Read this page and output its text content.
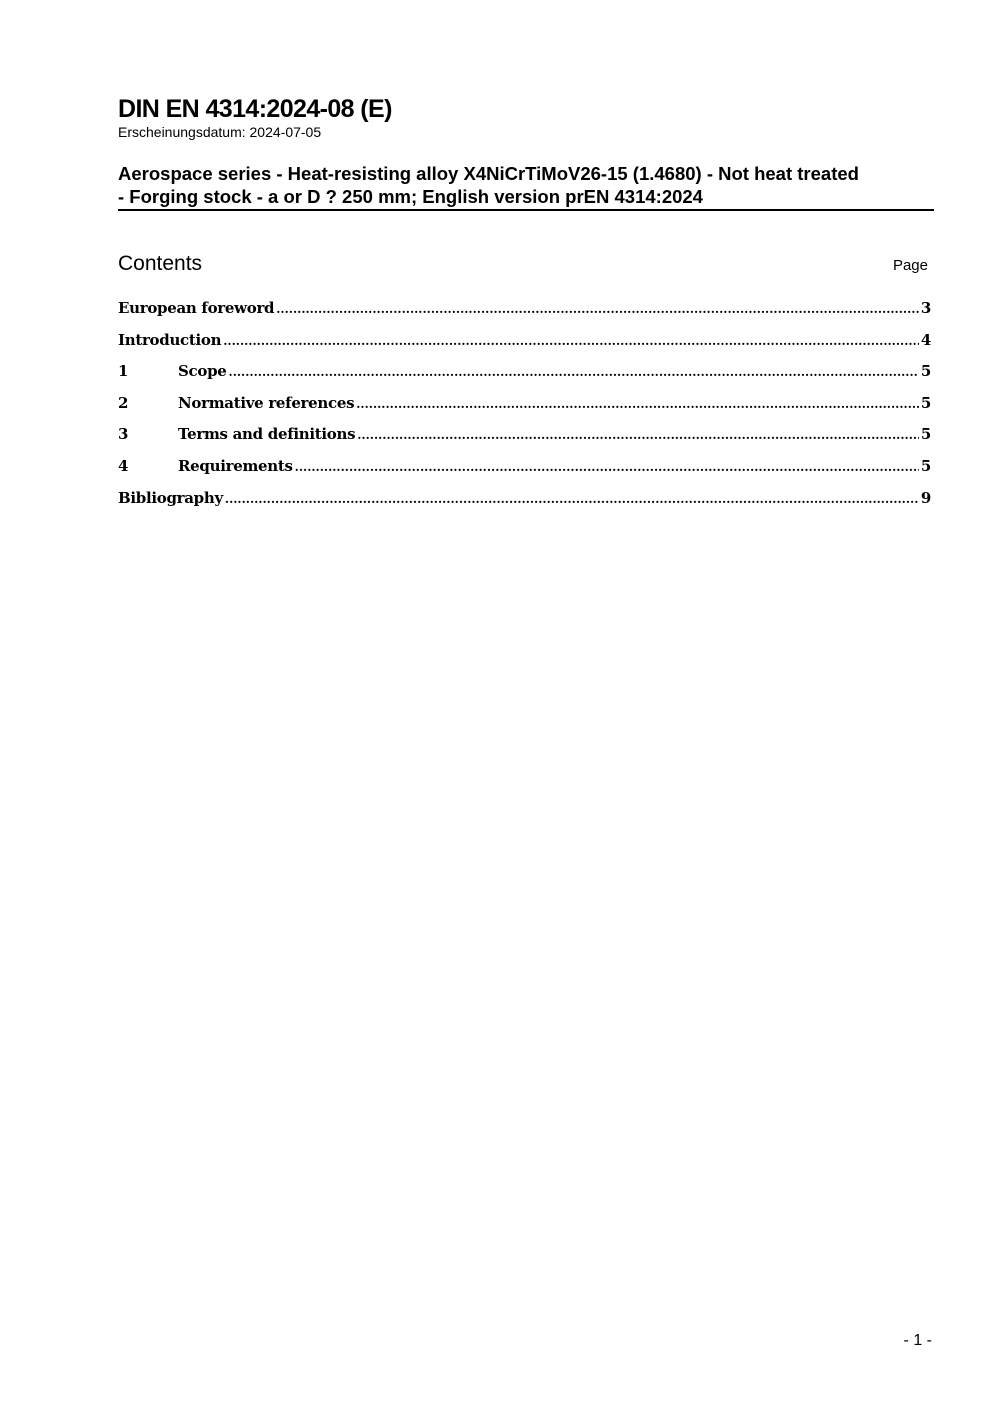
DIN EN 4314:2024-08 (E)
Erscheinungsdatum: 2024-07-05
Aerospace series - Heat-resisting alloy X4NiCrTiMoV26-15 (1.4680) - Not heat treated
- Forging stock - a or D ? 250 mm; English version prEN 4314:2024
Contents	Page
European foreword .....	3
Introduction .....	4
1	Scope .....	5
2	Normative references .....	5
3	Terms and definitions .....	5
4	Requirements .....	5
Bibliography .....	9
- 1 -
